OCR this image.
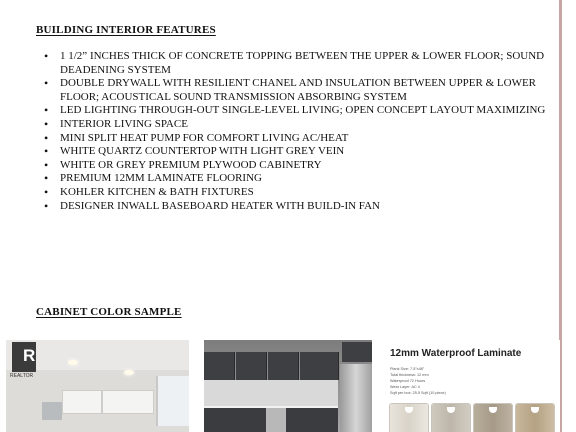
BUILDING INTERIOR FEATURES
• 1 1/2” INCHES THICK OF CONCRETE TOPPING BETWEEN THE UPPER & LOWER FLOOR; SOUND DEADENING SYSTEM
• DOUBLE DRYWALL WITH RESILIENT CHANEL AND INSULATION BETWEEN UPPER & LOWER FLOOR; ACOUSTICAL SOUND TRANSMISSION ABSORBING SYSTEM
• LED LIGHTING THROUGH-OUT SINGLE-LEVEL LIVING; OPEN CONCEPT LAYOUT MAXIMIZING
• INTERIOR LIVING SPACE
• MINI SPLIT HEAT PUMP FOR COMFORT LIVING AC/HEAT
• WHITE QUARTZ COUNTERTOP WITH LIGHT GREY VEIN
• WHITE OR GREY PREMIUM PLYWOOD CABINETRY
• PREMIUM 12MM LAMINATE FLOORING
• KOHLER KITCHEN & BATH FIXTURES
• DESIGNER INWALL BASEBOARD HEATER WITH BUILD-IN FAN
CABINET COLOR SAMPLE
R
REALTOR
12mm Waterproof Laminate
Plank Size: 7.5"x48"
Total thickness: 12 mm
Waterproof 72 Hours
Wear Layer: AC 4
Sqft per box: 25.5 Sqft (10 piece)
